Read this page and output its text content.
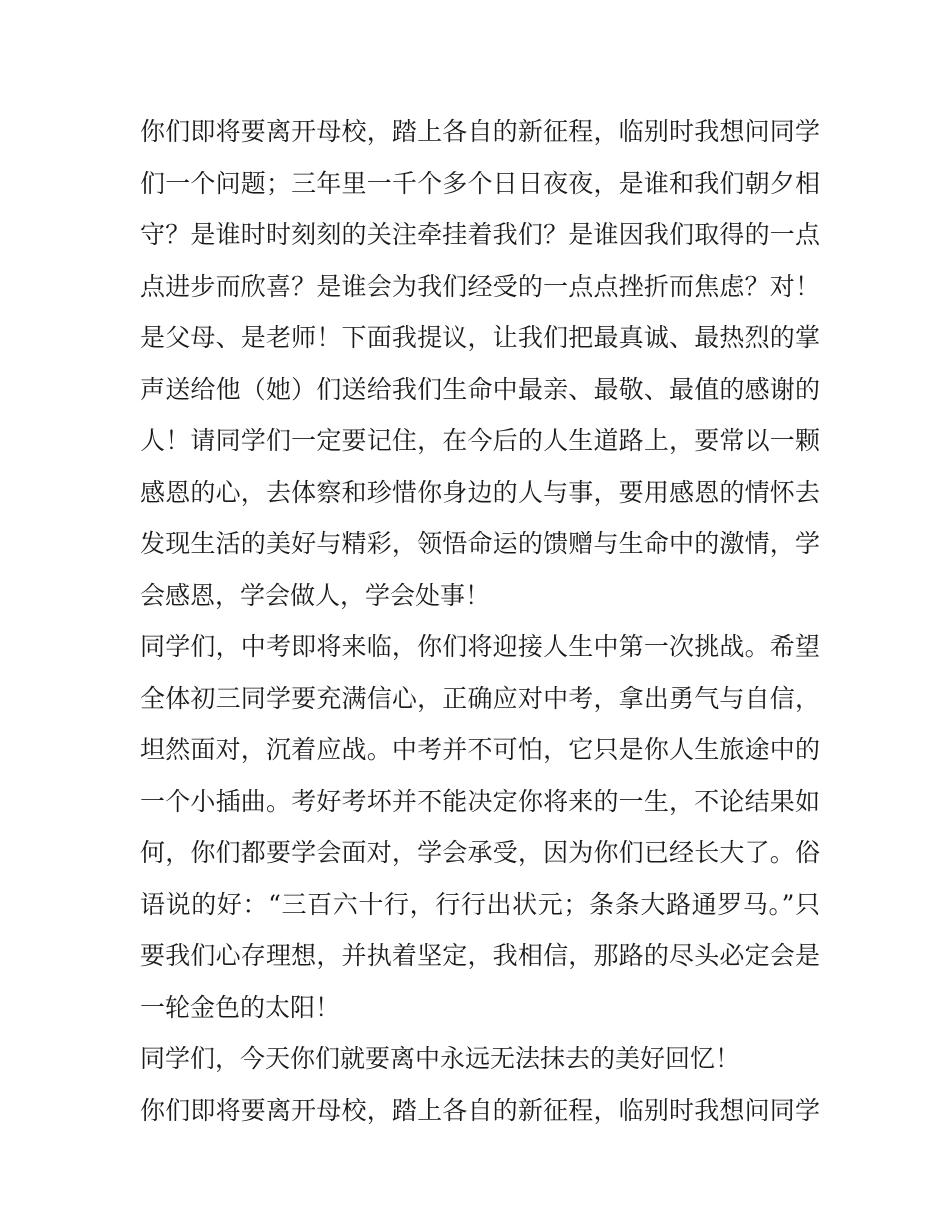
你们即将要离开母校，踏上各自的新征程，临别时我想问同学
们一个问题；三年里一千个多个日日夜夜，是谁和我们朝夕相
守？是谁时时刻刻的关注牵挂着我们？是谁因我们取得的一点
点进步而欣喜？是谁会为我们经受的一点点挫折而焦虑？对！
是父母、是老师！下面我提议，让我们把最真诚、最热烈的掌
声送给他（她）们送给我们生命中最亲、最敬、最值的感谢的
人！请同学们一定要记住，在今后的人生道路上，要常以一颗
感恩的心，去体察和珍惜你身边的人与事，要用感恩的情怀去
发现生活的美好与精彩，领悟命运的馈赠与生命中的激情，学
会感恩，学会做人，学会处事！
同学们，中考即将来临，你们将迎接人生中第一次挑战。希望
全体初三同学要充满信心，正确应对中考，拿出勇气与自信，
坦然面对，沉着应战。中考并不可怕，它只是你人生旅途中的
一个小插曲。考好考坏并不能决定你将来的一生，不论结果如
何，你们都要学会面对，学会承受，因为你们已经长大了。俗
语说的好：“三百六十行，行行出状元；条条大路通罗马。”只
要我们心存理想，并执着坚定，我相信，那路的尽头必定会是
一轮金色的太阳！
同学们，今天你们就要离中永远无法抹去的美好回忆！
你们即将要离开母校，踏上各自的新征程，临别时我想问同学
